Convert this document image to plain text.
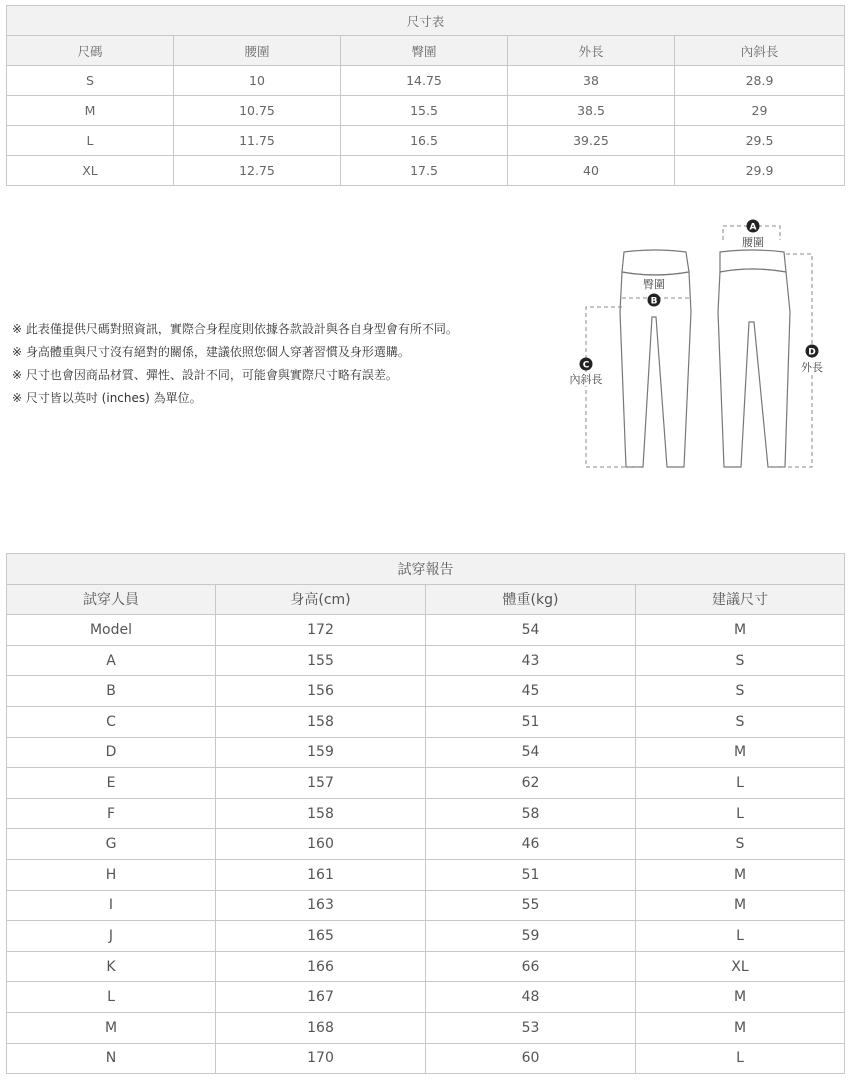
尺寸表				
尺碼	腰圍	臀圍	外長	內斜長
S	10	14.75	38	28.9
M	10.75	15.5	38.5	29
L	11.75	16.5	39.25	29.5
XL	12.75	17.5	40	29.9
※ 此表僅提供尺碼對照資訊，實際合身程度則依據各款設計與各自身型會有所不同。
※ 身高體重與尺寸沒有絕對的關係，建議依照您個人穿著習慣及身形選購。
※ 尺寸也會因商品材質、彈性、設計不同，可能會與實際尺寸略有誤差。
※ 尺寸皆以英吋 (inches) 為單位。
A
腰圍
臀圍
B
C
內斜長
D
外長
試穿報告			
試穿人員	身高(cm)	體重(kg)	建議尺寸
Model	172	54	M
A	155	43	S
B	156	45	S
C	158	51	S
D	159	54	M
E	157	62	L
F	158	58	L
G	160	46	S
H	161	51	M
I	163	55	M
J	165	59	L
K	166	66	XL
L	167	48	M
M	168	53	M
N	170	60	L
